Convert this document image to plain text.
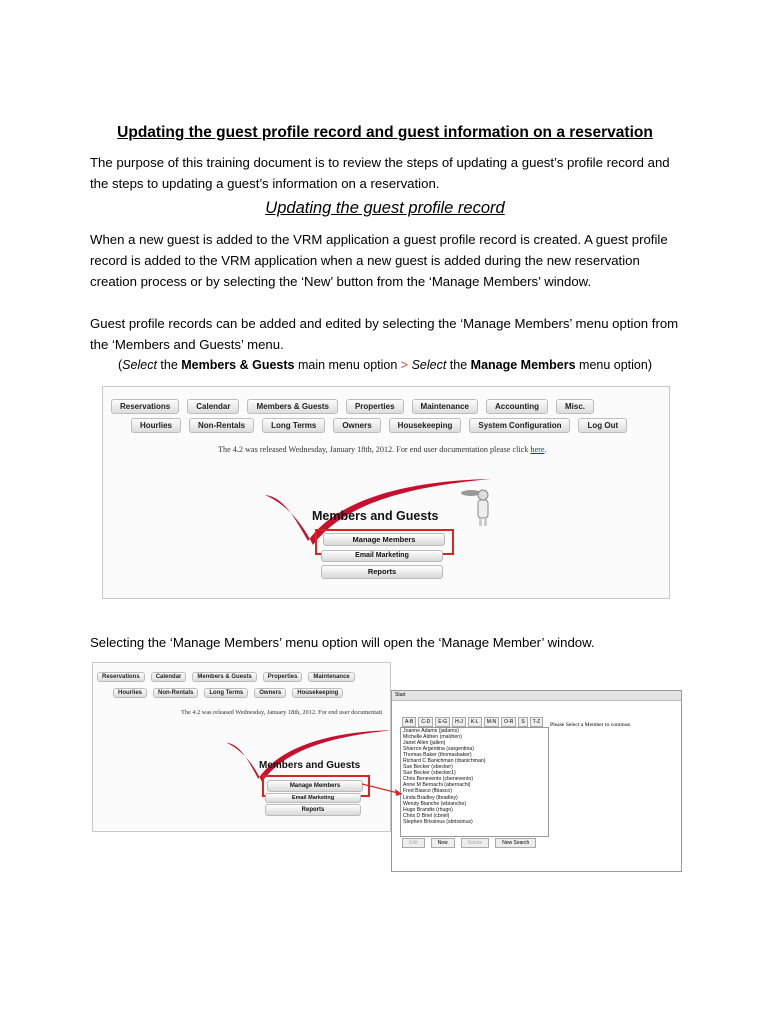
Updating the guest profile record and guest information on a reservation
The purpose of this training document is to review the steps of updating a guest’s profile record and the steps to updating a guest’s information on a reservation.
Updating the guest profile record
When a new guest is added to the VRM application a guest profile record is created. A guest profile record is added to the VRM application when a new guest is added during the new reservation creation process or by selecting the ‘New’ button from the ‘Manage Members’ window.
Guest profile records can be added and edited by selecting the ‘Manage Members’ menu option from the ‘Members and Guests’ menu.
(Select the Members & Guests main menu option > Select the Manage Members menu option)
Selecting the ‘Manage Members’ menu option will open the ‘Manage Member’ window.
Reservations	Calendar	Members & Guests	Properties	Maintenance	Accounting	Misc.
Hourlies	Non-Rentals	Long Terms	Owners	Housekeeping	System Configuration	Log Out
The 4.2 was released Wednesday, January 18th, 2012. For end user documentation please click here.
Members and Guests
Manage Members
Email Marketing
Reports
Reservations	Calendar	Members & Guests	Properties	Maintenance
Hourlies	Non-Rentals	Long Terms	Owners	Housekeeping
The 4.2 was released Wednesday, January 18th, 2012. For end user documentati
Members and Guests
Manage Members
Email Marketing
Reports
Start
A-B	C-D	E-G	H-J	K-L	M-N	O-R	S	T-Z
Joanne Adams (jadams)
Michelle Aldren (maldren)
Janet Allen (jallen)
Sharron Argentina (sargentina)
Thomas Baker (thomasbaker)
Richard C Banichman (rbanichman)
Sue Becker (sbecker)
Sue Becker (sbecker1)
Chris Benevento (cbenevento)
Anne M Bernachi (abernachi)
Fred Biasco (fbiasco)
Linda Bradley (lbradley)
Wendy Bianche (wbianche)
Hugo Brandts (rhugo)
Chris D Briel (cbriel)
Stephen Brissinus (sbrissinus)
Please Select a Member to continue.
Edit	New	Delete	New Search
